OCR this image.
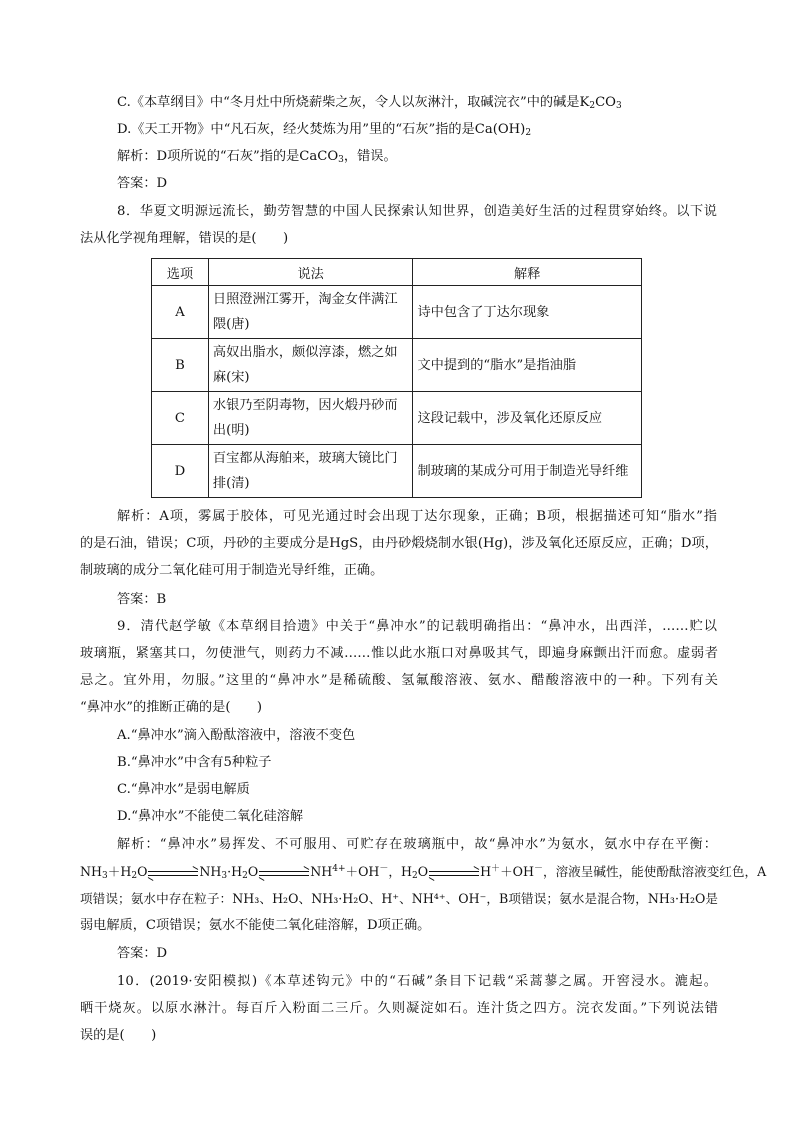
C.《本草纲目》中“冬月灶中所烧薪柴之灰，令人以灰淋汁，取碱浣衣”中的碱是$K_2CO_3$
D.《天工开物》中“凡石灰，经火焚炼为用”里的“石灰”指的是$Ca(OH)_2$
解析：D项所说的“石灰”指的是CaCO$_3$，错误。
答案：D
8．华夏文明源远流长，勤劳智慧的中国人民探索认知世界，创造美好生活的过程贯穿始终。以下说
法从化学视角理解，错误的是(　　)
选项	说法	解释
A	日照澄洲江雾开，淘金女伴满江隈(唐)	诗中包含了丁达尔现象
B	高奴出脂水，颇似淳漆，燃之如麻(宋)	文中提到的“脂水”是指油脂
C	水银乃至阴毒物，因火煅丹砂而出(明)	这段记载中，涉及氧化还原反应
D	百宝都从海舶来，玻璃大镜比门排(清)	制玻璃的某成分可用于制造光导纤维
解析：A项，雾属于胶体，可见光通过时会出现丁达尔现象，正确；B项，根据描述可知“脂水”指
的是石油，错误；C项，丹砂的主要成分是HgS，由丹砂煅烧制水银(Hg)，涉及氧化还原反应，正确；D项，
制玻璃的成分二氧化硅可用于制造光导纤维，正确。
答案：B
9．清代赵学敏《本草纲目拾遗》中关于“鼻冲水”的记载明确指出：“鼻冲水，出西洋，……贮以
玻璃瓶，紧塞其口，勿使泄气，则药力不减……惟以此水瓶口对鼻吸其气，即遍身麻颤出汗而愈。虚弱者
忌之。宜外用，勿服。”这里的“鼻冲水”是稀硫酸、氢氟酸溶液、氨水、醋酸溶液中的一种。下列有关
“鼻冲水”的推断正确的是(　　)
A.“鼻冲水”滴入酚酞溶液中，溶液不变色
B.“鼻冲水”中含有5种粒子
C.“鼻冲水”是弱电解质
D.“鼻冲水”不能使二氧化硅溶解
解析：“鼻冲水”易挥发、不可服用、可贮存在玻璃瓶中，故“鼻冲水”为氨水，氨水中存在平衡：
$NH_3+H_2O$	$NH_3\cdot H_2O$	$NH^{4+}+OH^-$，$H_2O$	H＋＋OH－，溶液呈碱性，能使酚酞溶液变红色，A
项错误；氨水中存在粒子：NH₃、H₂O、NH₃·H₂O、H⁺、NH⁴⁺、OH⁻，B项错误；氨水是混合物，NH₃·H₂O是
弱电解质，C项错误；氨水不能使二氧化硅溶解，D项正确。
答案：D
10．(2019·安阳模拟)《本草述钩元》中的“石碱”条目下记载“采蒿蓼之属。开窖浸水。漉起。
晒干烧灰。以原水淋汁。每百斤入粉面二三斤。久则凝淀如石。连汁货之四方。浣衣发面。”下列说法错
误的是(　　)
